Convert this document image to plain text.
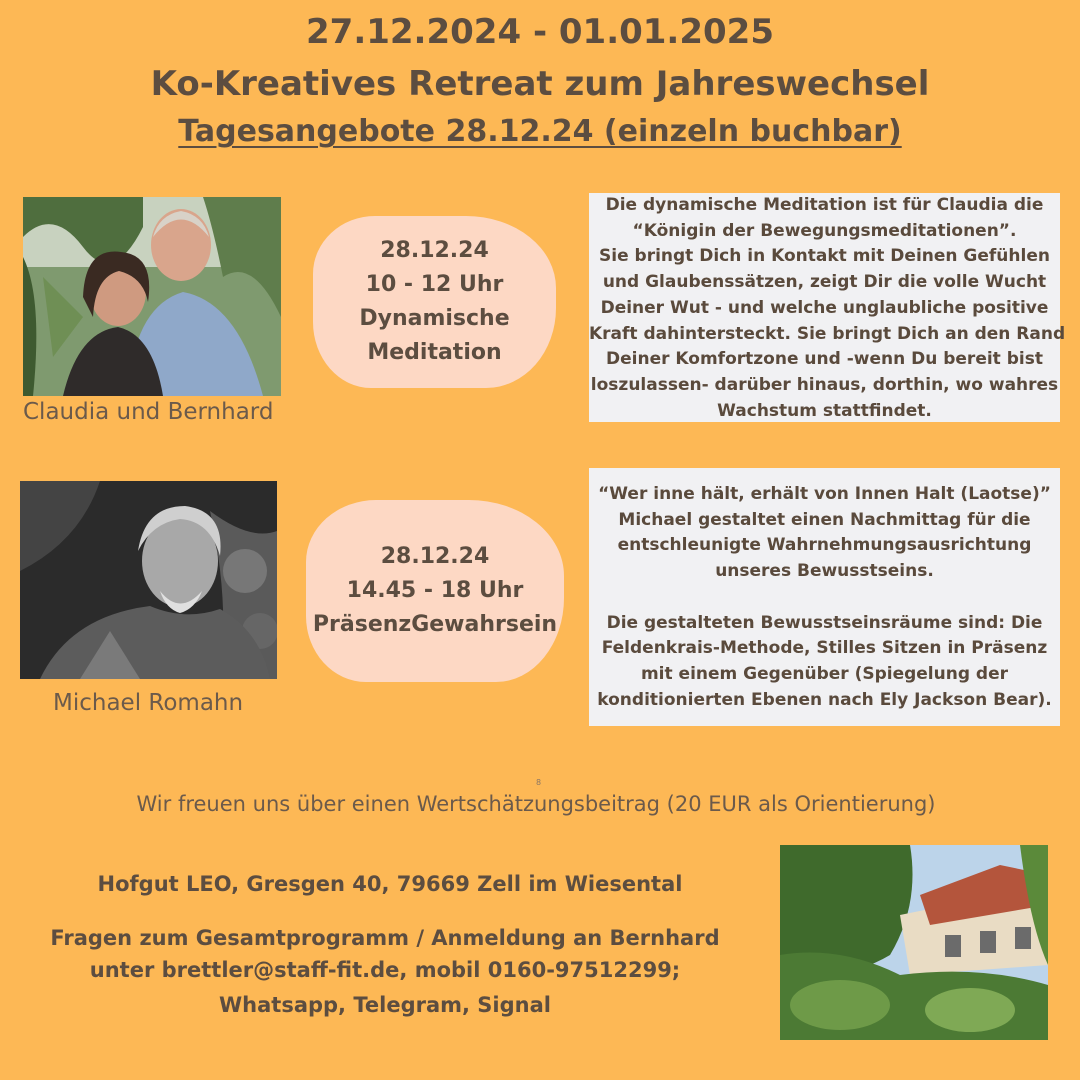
27.12.2024 - 01.01.2025
Ko-Kreatives Retreat zum Jahreswechsel
Tagesangebote 28.12.24 (einzeln buchbar)
Claudia und Bernhard
28.12.24
10 - 12 Uhr
Dynamische
Meditation
Die dynamische Meditation ist für Claudia die
“Königin der Bewegungsmeditationen”.
Sie bringt Dich in Kontakt mit Deinen Gefühlen
und Glaubenssätzen, zeigt Dir die volle Wucht
Deiner Wut - und welche unglaubliche positive
Kraft dahintersteckt. Sie bringt Dich an den Rand
Deiner Komfortzone und -wenn Du bereit bist
loszulassen- darüber hinaus, dorthin, wo wahres
Wachstum stattfindet.
Michael Romahn
28.12.24
14.45 - 18 Uhr
PräsenzGewahrsein
“Wer inne hält, erhält von Innen Halt (Laotse)”
Michael gestaltet einen Nachmittag für die
entschleunigte Wahrnehmungsausrichtung
unseres Bewusstseins.
Die gestalteten Bewusstseinsräume sind: Die
Feldenkrais-Methode, Stilles Sitzen in Präsenz
mit einem Gegenüber (Spiegelung der
konditionierten Ebenen nach Ely Jackson Bear).
8
Wir freuen uns über einen Wertschätzungsbeitrag (20 EUR als Orientierung)
Hofgut LEO, Gresgen 40, 79669 Zell im Wiesental
Fragen zum Gesamtprogramm / Anmeldung an Bernhard
unter brettler@staff-fit.de, mobil 0160-97512299;
Whatsapp, Telegram, Signal
